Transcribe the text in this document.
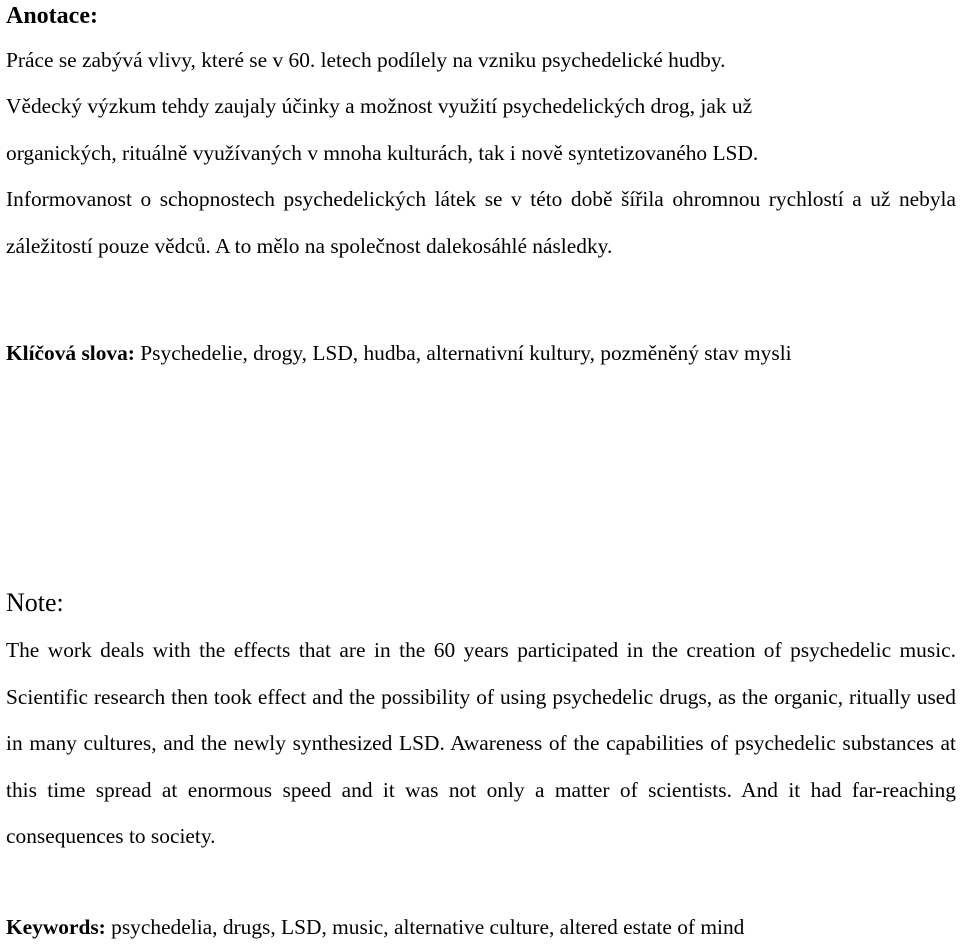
Anotace:

Práce se zabývá vlivy, které se v 60. letech podílely na vzniku psychedelické hudby.

Vědecký výzkum tehdy zaujaly účinky a možnost využití psychedelických drog, jak už

organických, rituálně využívaných v mnoha kulturách, tak i nově syntetizovaného LSD.

Informovanost o schopnostech psychedelických látek se v této době šířila ohromnou rychlostí a už nebyla záležitostí pouze vědců. A to mělo na společnost dalekosáhlé následky.

Klíčová slova: Psychedelie, drogy, LSD, hudba, alternativní kultury, pozměněný stav mysli

Note:

The work deals with the effects that are in the 60 years participated in the creation of psychedelic music. Scientific research then took effect and the possibility of using psychedelic drugs, as the organic, ritually used in many cultures, and the newly synthesized LSD. Awareness of the capabilities of psychedelic substances at this time spread at enormous speed and it was not only a matter of scientists. And it had far-reaching consequences to society.

Keywords: psychedelia, drugs, LSD, music, alternative culture, altered estate of mind
